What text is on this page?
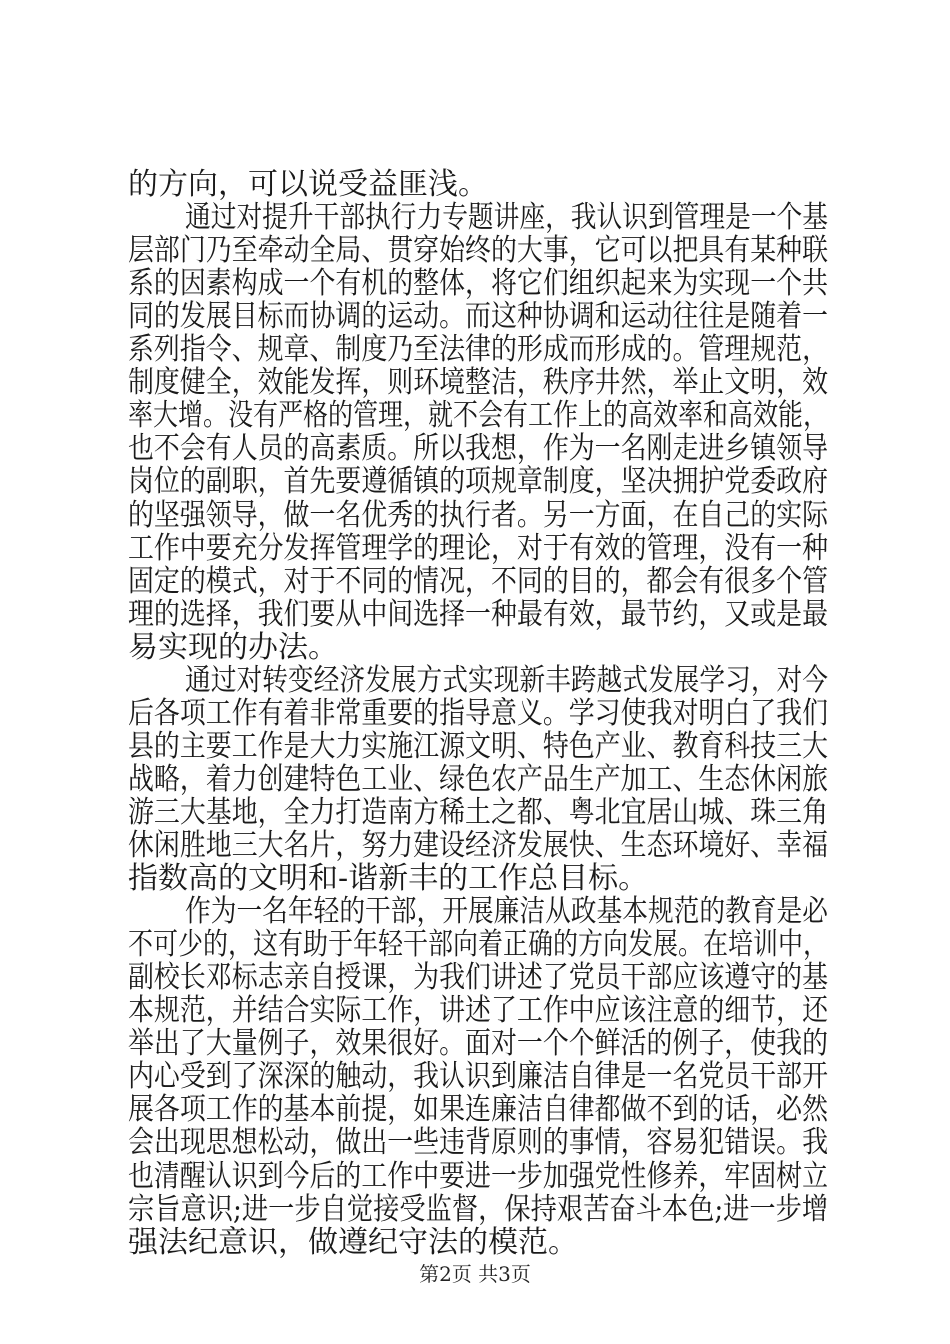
的方向，可以说受益匪浅。
通过对提升干部执行力专题讲座，我认识到管理是一个基
层部门乃至牵动全局、贯穿始终的大事，它可以把具有某种联
系的因素构成一个有机的整体，将它们组织起来为实现一个共
同的发展目标而协调的运动。而这种协调和运动往往是随着一
系列指令、规章、制度乃至法律的形成而形成的。管理规范，
制度健全，效能发挥，则环境整洁，秩序井然，举止文明，效
率大增。没有严格的管理，就不会有工作上的高效率和高效能，
也不会有人员的高素质。所以我想，作为一名刚走进乡镇领导
岗位的副职，首先要遵循镇的项规章制度，坚决拥护党委政府
的坚强领导，做一名优秀的执行者。另一方面，在自己的实际
工作中要充分发挥管理学的理论，对于有效的管理，没有一种
固定的模式，对于不同的情况，不同的目的，都会有很多个管
理的选择，我们要从中间选择一种最有效，最节约，又或是最
易实现的办法。
通过对转变经济发展方式实现新丰跨越式发展学习，对今
后各项工作有着非常重要的指导意义。学习使我对明白了我们
县的主要工作是大力实施江源文明、特色产业、教育科技三大
战略，着力创建特色工业、绿色农产品生产加工、生态休闲旅
游三大基地，全力打造南方稀土之都、粤北宜居山城、珠三角
休闲胜地三大名片，努力建设经济发展快、生态环境好、幸福
指数高的文明和-谐新丰的工作总目标。
作为一名年轻的干部，开展廉洁从政基本规范的教育是必
不可少的，这有助于年轻干部向着正确的方向发展。在培训中，
副校长邓标志亲自授课，为我们讲述了党员干部应该遵守的基
本规范，并结合实际工作，讲述了工作中应该注意的细节，还
举出了大量例子，效果很好。面对一个个鲜活的例子，使我的
内心受到了深深的触动，我认识到廉洁自律是一名党员干部开
展各项工作的基本前提，如果连廉洁自律都做不到的话，必然
会出现思想松动，做出一些违背原则的事情，容易犯错误。我
也清醒认识到今后的工作中要进一步加强党性修养，牢固树立
宗旨意识;进一步自觉接受监督，保持艰苦奋斗本色;进一步增
强法纪意识，做遵纪守法的模范。
第2页 共3页
